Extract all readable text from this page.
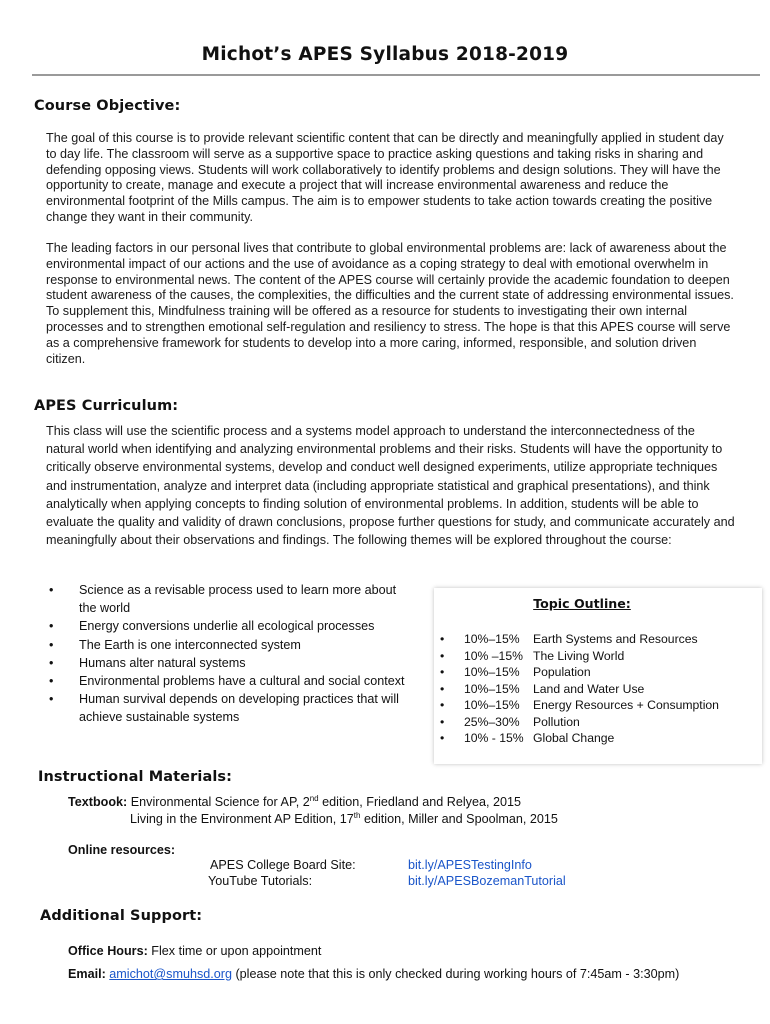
Michot’s APES Syllabus 2018-2019
Course Objective:

The goal of this course is to provide relevant scientific content that can be directly and meaningfully applied in student day to day life. The classroom will serve as a supportive space to practice asking questions and taking risks in sharing and defending opposing views. Students will work collaboratively to identify problems and design solutions. They will have the opportunity to create, manage and execute a project that will increase environmental awareness and reduce the environmental footprint of the Mills campus. The aim is to empower students to take action towards creating the positive change they want in their community.

The leading factors in our personal lives that contribute to global environmental problems are: lack of awareness about the environmental impact of our actions and the use of avoidance as a coping strategy to deal with emotional overwhelm in response to environmental news. The content of the APES course will certainly provide the academic foundation to deepen student awareness of the causes, the complexities, the difficulties and the current state of addressing environmental issues. To supplement this, Mindfulness training will be offered as a resource for students to investigating their own internal processes and to strengthen emotional self-regulation and resiliency to stress. The hope is that this APES course will serve as a comprehensive framework for students to develop into a more caring, informed, responsible, and solution driven citizen.

APES Curriculum:

This class will use the scientific process and a systems model approach to understand the interconnectedness of the natural world when identifying and analyzing environmental problems and their risks. Students will have the opportunity to critically observe environmental systems, develop and conduct well designed experiments, utilize appropriate techniques and instrumentation, analyze and interpret data (including appropriate statistical and graphical presentations), and think analytically when applying concepts to finding solution of environmental problems. In addition, students will be able to evaluate the quality and validity of drawn conclusions, propose further questions for study, and communicate accurately and meaningfully about their observations and findings. The following themes will be explored throughout the course:

• Science as a revisable process used to learn more about the world
• Energy conversions underlie all ecological processes
• The Earth is one interconnected system
• Humans alter natural systems
• Environmental problems have a cultural and social context
• Human survival depends on developing practices that will achieve sustainable systems
Topic Outline:
• 10%–15% Earth Systems and Resources
• 10% –15% The Living World
• 10%–15% Population
• 10%–15% Land and Water Use
• 10%–15% Energy Resources + Consumption
• 25%–30% Pollution
• 10% - 15% Global Change
Instructional Materials:
Textbook: Environmental Science for AP, 2nd edition, Friedland and Relyea, 2015
Living in the Environment AP Edition, 17th edition, Miller and Spoolman, 2015
Online resources:
APES College Board Site:	bit.ly/APESTestingInfo
YouTube Tutorials:	bit.ly/APESBozemanTutorial
Additional Support:
Office Hours: Flex time or upon appointment
Email: amichot@smuhsd.org (please note that this is only checked during working hours of 7:45am - 3:30pm)
